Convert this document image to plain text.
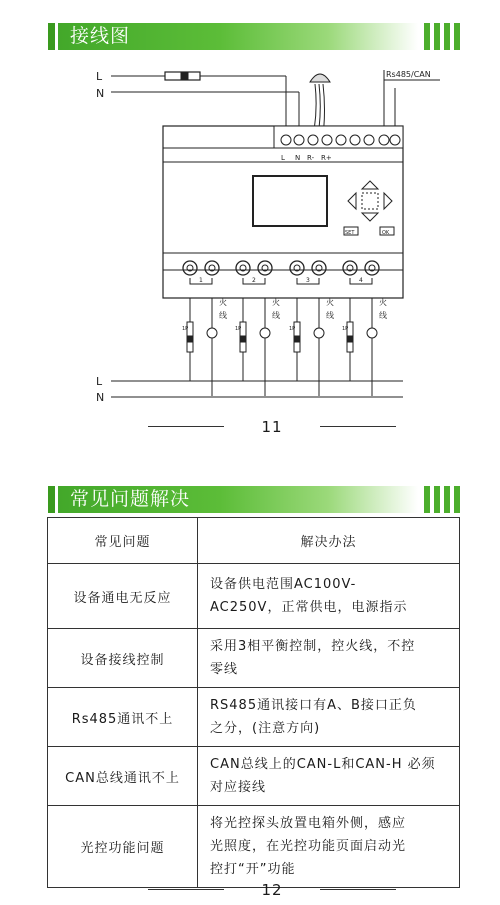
接线图
L
N
Rs485/CAN
L N R- R+
SET	OK
1	2	3	4
火
线
火
线
火
线
火
线
1P	1P	1P	1P
L
N
11
常见问题解决
常见问题	解决办法
设备通电无反应	设备供电范围AC100V-
AC250V，正常供电，电源指示

设备接线控制	采用3相平衡控制，控火线，不控
零线

Rs485通讯不上	RS485通讯接口有A、B接口正负
之分，(注意方向)

CAN总线通讯不上	CAN总线上的CAN-L和CAN-H 必须
对应接线

光控功能问题	将光控探头放置电箱外侧，感应
光照度，在光控功能页面启动光
控打“开”功能
12
